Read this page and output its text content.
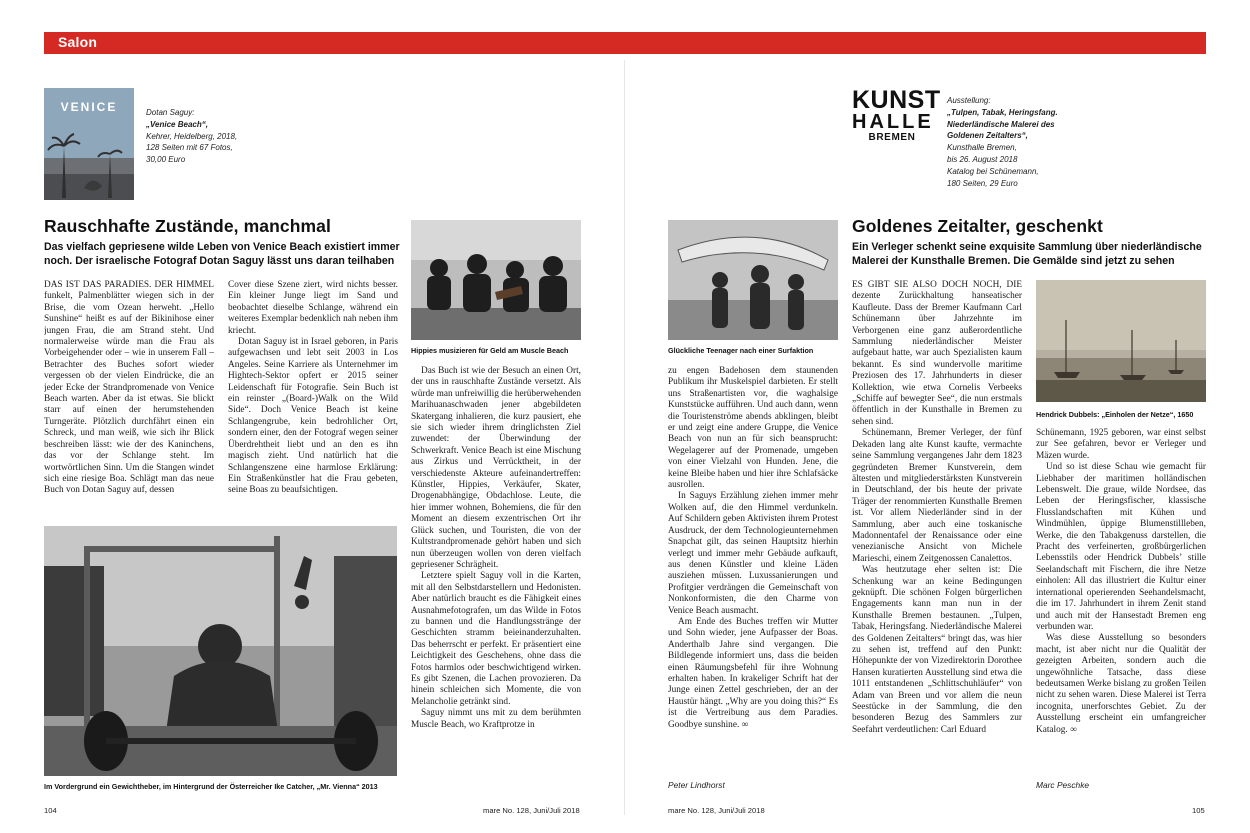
Salon
VENICE	Dotan Saguy:
„Venice Beach“,
Kehrer, Heidelberg, 2018,
128 Seiten mit 67 Fotos,
30,00 Euro
Rauschhafte Zustände, manchmal
Das vielfach gepriesene wilde Leben von Venice Beach existiert immer
noch. Der israelische Fotograf Dotan Saguy lässt uns daran teilhaben
Hippies musizieren für Geld am Muscle Beach

DAS IST DAS PARADIES. DER HIMMEL funkelt, Palmenblätter wiegen sich in der Brise, die vom Ozean herweht. „Hello Sunshine“ heißt es auf der Bikinihose einer jungen Frau, die am Strand steht. Und normalerweise würde man die Frau als Vorbeigehender oder – wie in unserem Fall – Betrachter des Buches sofort wieder vergessen ob der vielen Eindrücke, die an jeder Ecke der Strandpromenade von Venice Beach warten. Aber da ist etwas. Sie blickt starr auf einen der herumstehenden Turngeräte. Plötzlich durchfährt einen ein Schreck, und man weiß, wie sich ihr Blick beschreiben lässt: wie der des Kaninchens, das vor der Schlange steht. Im wortwörtlichen Sinn. Um die Stangen windet sich eine riesige Boa. Schlägt man das neue Buch von Dotan Saguy auf, dessen

Cover diese Szene ziert, wird nichts besser. Ein kleiner Junge liegt im Sand und beobachtet dieselbe Schlange, während ein weiteres Exemplar bedenklich nah neben ihm kriecht.

Dotan Saguy ist in Israel geboren, in Paris aufgewachsen und lebt seit 2003 in Los Angeles. Seine Karriere als Unternehmer im Hightech-Sektor opfert er 2015 seiner Leidenschaft für Fotografie. Sein Buch ist ein reinster „(Board-)Walk on the Wild Side“. Doch Venice Beach ist keine Schlangengrube, kein bedrohlicher Ort, sondern einer, den der Fotograf wegen seiner Überdrehtheit liebt und an den es ihn magisch zieht. Und natürlich hat die Schlangenszene eine harmlose Erklärung: Ein Straßenkünstler hat die Frau gebeten, seine Boas zu beaufsichtigen.

Im Vordergrund ein Gewichtheber, im Hintergrund der Österreicher Ike Catcher, „Mr. Vienna“ 2013

Das Buch ist wie der Besuch an einen Ort, der uns in rauschhafte Zustände versetzt. Als würde man unfreiwillig die herüberwehenden Marihuanaschwaden jener abgebildeten Skatergang inhalieren, die kurz pausiert, ehe sie sich wieder ihrem dringlichsten Ziel zuwendet: der Überwindung der Schwerkraft. Venice Beach ist eine Mischung aus Zirkus und Verrücktheit, in der verschiedenste Akteure aufeinandertreffen: Künstler, Hippies, Verkäufer, Skater, Drogenabhängige, Obdachlose. Leute, die hier immer wohnen, Bohemiens, die für den Moment an diesem exzentrischen Ort ihr Glück suchen, und Touristen, die von der Kultstrandpromenade gehört haben und sich nun überzeugen wollen von deren vielfach gepriesener Schrägheit.

Letztere spielt Saguy voll in die Karten, mit all den Selbstdarstellern und Hedonisten. Aber natürlich braucht es die Fähigkeit eines Ausnahmefotografen, um das Wilde in Fotos zu bannen und die Handlungsstränge der Geschichten stramm beieinanderzuhalten. Das beherrscht er perfekt. Er präsentiert eine Leichtigkeit des Geschehens, ohne dass die Fotos harmlos oder beschwichtigend wirken. Es gibt Szenen, die Lachen provozieren. Da hinein schleichen sich Momente, die von Melancholie getränkt sind.

Saguy nimmt uns mit zu dem berühmten Muscle Beach, wo Kraftprotze in

104	mare No. 128, Juni/Juli 2018
Glückliche Teenager nach einer Surfaktion

zu engen Badehosen dem staunenden Publikum ihr Muskelspiel darbieten. Er stellt uns Straßenartisten vor, die waghalsige Kunststücke aufführen. Und auch dann, wenn die Touristenströme abends abklingen, bleibt er und zeigt eine andere Gruppe, die Venice Beach von nun an für sich beansprucht: Wegelagerer auf der Promenade, umgeben von einer Vielzahl von Hunden. Jene, die keine Bleibe haben und hier ihre Schlafsäcke ausrollen.

In Saguys Erzählung ziehen immer mehr Wolken auf, die den Himmel verdunkeln. Auf Schildern geben Aktivisten ihrem Protest Ausdruck, der dem Technologieunternehmen Snapchat gilt, das seinen Hauptsitz hierhin verlegt und immer mehr Gebäude aufkauft, aus denen Künstler und kleine Läden ausziehen müssen. Luxussanierungen und Profitgier verdrängen die Gemeinschaft von Nonkonformisten, die den Charme von Venice Beach ausmacht.

Am Ende des Buches treffen wir Mutter und Sohn wieder, jene Aufpasser der Boas. Anderthalb Jahre sind vergangen. Die Bildlegende informiert uns, dass die beiden einen Räumungsbefehl für ihre Wohnung erhalten haben. In krakeliger Schrift hat der Junge einen Zettel geschrieben, der an der Haustür hängt. „Why are you doing this?“ Es ist die Vertreibung aus dem Paradies. Goodbye sunshine. ∞

Peter Lindhorst
mare No. 128, Juni/Juli 2018
KUNST
HALLE
BREMEN
Ausstellung:
„Tulpen, Tabak, Heringsfang.
Niederländische Malerei des
Goldenen Zeitalters“,
Kunsthalle Bremen,
bis 26. August 2018
Katalog bei Schünemann,
180 Seiten, 29 Euro
Goldenes Zeitalter, geschenkt
Ein Verleger schenkt seine exquisite Sammlung über niederländische
Malerei der Kunsthalle Bremen. Die Gemälde sind jetzt zu sehen

ES GIBT SIE ALSO DOCH NOCH, DIE dezente Zurückhaltung hanseatischer Kaufleute. Dass der Bremer Kaufmann Carl Schünemann über Jahrzehnte im Verborgenen eine ganz außerordentliche Sammlung niederländischer Meister aufgebaut hatte, war auch Spezialisten kaum bekannt. Es sind wundervolle maritime Preziosen des 17. Jahrhunderts in dieser Kollektion, wie etwa Cornelis Verbeeks „Schiffe auf bewegter See“, die nun erstmals öffentlich in der Kunsthalle in Bremen zu sehen sind.

Schünemann, Bremer Verleger, der fünf Dekaden lang alte Kunst kaufte, vermachte seine Sammlung vergangenes Jahr dem 1823 gegründeten Bremer Kunstverein, dem ältesten und mitgliederstärksten Kunstverein in Deutschland, der bis heute der private Träger der renommierten Kunsthalle Bremen ist. Vor allem Niederländer sind in der Sammlung, aber auch eine toskanische Madonnentafel der Renaissance oder eine venezianische Ansicht von Michele Marieschi, einem Zeitgenossen Canalettos.

Was heutzutage eher selten ist: Die Schenkung war an keine Bedingungen geknüpft. Die schönen Folgen bürgerlichen Engagements kann man nun in der Kunsthalle Bremen bestaunen. „Tulpen, Tabak, Heringsfang. Niederländische Malerei des Goldenen Zeitalters“ bringt das, was hier zu sehen ist, treffend auf den Punkt: Höhepunkte der von Vizedirektorin Dorothee Hansen kuratierten Ausstellung sind etwa die 1011 entstandenen „Schlittschuhläufer“ von Adam van Breen und vor allem die neun Seestücke in der Sammlung, die den besonderen Bezug des Sammlers zur Seefahrt verdeutlichen: Carl Eduard

Hendrick Dubbels: „Einholen der Netze“, 1650

Schünemann, 1925 geboren, war einst selbst zur See gefahren, bevor er Verleger und Mäzen wurde.

Und so ist diese Schau wie gemacht für Liebhaber der maritimen holländischen Lebenswelt. Die graue, wilde Nordsee, das Leben der Heringsfischer, klassische Flusslandschaften mit Kühen und Windmühlen, üppige Blumenstillleben, Werke, die den Tabakgenuss darstellen, die Pracht des verfeinerten, großbürgerlichen Lebensstils oder Hendrick Dubbels’ stille Seelandschaft mit Fischern, die ihre Netze einholen: All das illustriert die Kultur einer international operierenden Seehandelsmacht, die im 17. Jahrhundert in ihrem Zenit stand und auch mit der Hansestadt Bremen eng verbunden war.

Was diese Ausstellung so besonders macht, ist aber nicht nur die Qualität der gezeigten Arbeiten, sondern auch die ungewöhnliche Tatsache, dass diese bedeutsamen Werke bislang zu großen Teilen nicht zu sehen waren. Diese Malerei ist Terra incognita, unerforschtes Gebiet. Zu der Ausstellung erscheint ein umfangreicher Katalog. ∞

Marc Peschke
105
